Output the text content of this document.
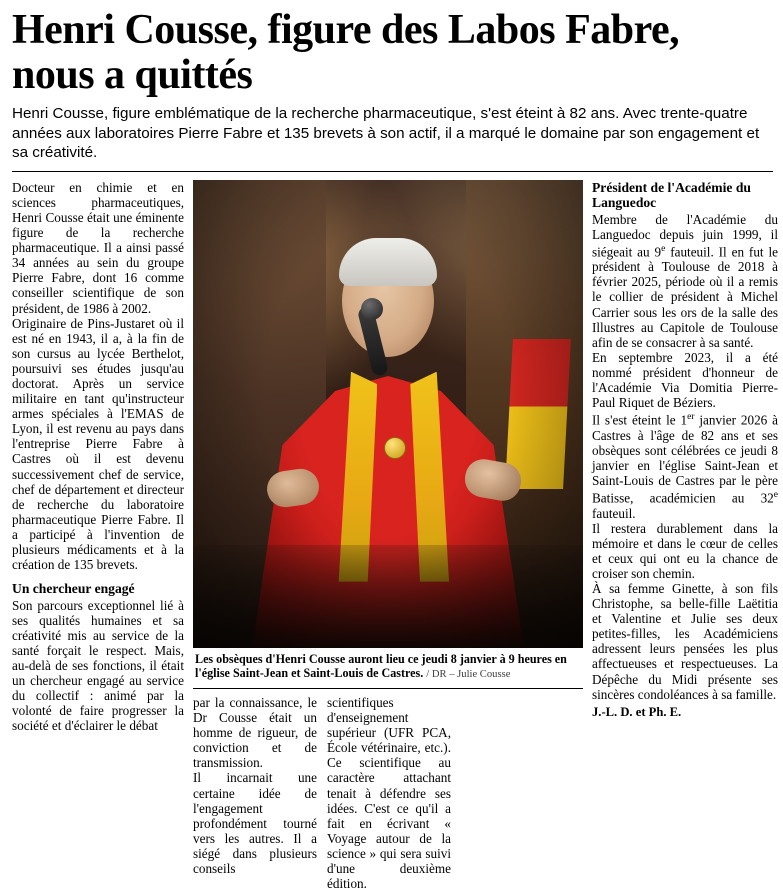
Henri Cousse, figure des Labos Fabre, nous a quittés
Henri Cousse, figure emblématique de la recherche pharmaceutique, s'est éteint à 82 ans. Avec trente-quatre années aux laboratoires Pierre Fabre et 135 brevets à son actif, il a marqué le domaine par son engagement et sa créativité.
Docteur en chimie et en sciences pharmaceutiques, Henri Cousse était une éminente figure de la recherche pharmaceutique. Il a ainsi passé 34 années au sein du groupe Pierre Fabre, dont 16 comme conseiller scientifique de son président, de 1986 à 2002.
Originaire de Pins-Justaret où il est né en 1943, il a, à la fin de son cursus au lycée Berthelot, poursuivi ses études jusqu'au doctorat. Après un service militaire en tant qu'instructeur armes spéciales à l'EMAS de Lyon, il est revenu au pays dans l'entreprise Pierre Fabre à Castres où il est devenu successivement chef de service, chef de département et directeur de recherche du laboratoire pharmaceutique Pierre Fabre. Il a participé à l'invention de plusieurs médicaments et à la création de 135 brevets.
Un chercheur engagé
Son parcours exceptionnel lié à ses qualités humaines et sa créativité mis au service de la santé forçait le respect. Mais, au-delà de ses fonctions, il était un chercheur engagé au service du collectif : animé par la volonté de faire progresser la société et d'éclairer le débat

Les obsèques d'Henri Cousse auront lieu ce jeudi 8 janvier à 9 heures en l'église Saint-Jean et Saint-Louis de Castres. / DR – Julie Cousse

par la connaissance, le Dr Cousse était un homme de rigueur, de conviction et de transmission.
Il incarnait une certaine idée de l'engagement profondément tourné vers les autres. Il a siégé dans plusieurs conseils
scientifiques d'enseignement supérieur (UFR PCA, École vétérinaire, etc.). Ce scientifique au caractère attachant tenait à défendre ses idées. C'est ce qu'il a fait en écrivant « Voyage autour de la science » qui sera suivi d'une deuxième édition.
Président de l'Académie du Languedoc
Membre de l'Académie du Languedoc depuis juin 1999, il siégeait au 9e fauteuil. Il en fut le président à Toulouse de 2018 à février 2025, période où il a remis le collier de président à Michel Carrier sous les ors de la salle des Illustres au Capitole de Toulouse afin de se consacrer à sa santé.
En septembre 2023, il a été nommé président d'honneur de l'Académie Via Domitia Pierre-Paul Riquet de Béziers.
Il s'est éteint le 1er janvier 2026 à Castres à l'âge de 82 ans et ses obsèques sont célébrées ce jeudi 8 janvier en l'église Saint-Jean et Saint-Louis de Castres par le père Batisse, académicien au 32e fauteuil.
Il restera durablement dans la mémoire et dans le cœur de celles et ceux qui ont eu la chance de croiser son chemin.
À sa femme Ginette, à son fils Christophe, sa belle-fille Laëtitia et Valentine et Julie ses deux petites-filles, les Académiciens adressent leurs pensées les plus affectueuses et respectueuses. La Dépêche du Midi présente ses sincères condoléances à sa famille.
J.-L. D. et Ph. E.
